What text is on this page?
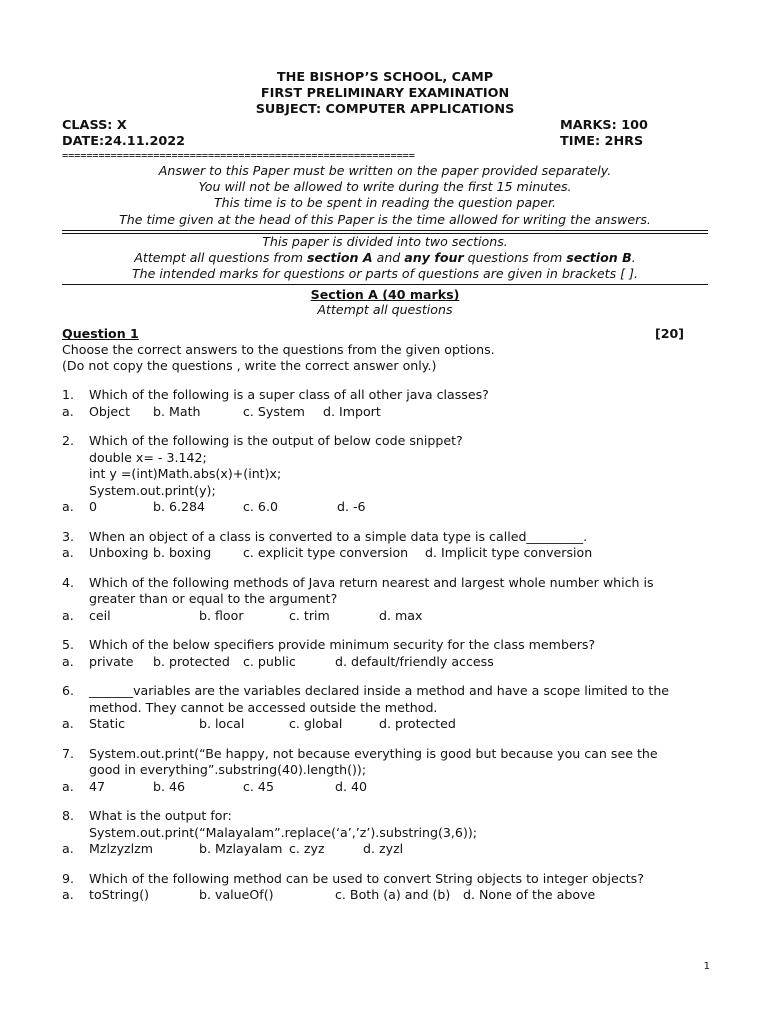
THE BISHOP’S SCHOOL, CAMP
FIRST PRELIMINARY EXAMINATION
SUBJECT: COMPUTER APPLICATIONS
CLASS: X	MARKS: 100
DATE:24.11.2022	TIME: 2HRS
==========================================================
Answer to this Paper must be written on the paper provided separately.
You will not be allowed to write during the first 15 minutes.
This time is to be spent in reading the question paper.
The time given at the head of this Paper is the time allowed for writing the answers.
This paper is divided into two sections.
Attempt all questions from section A and any four questions from section B.
The intended marks for questions or parts of questions are given in brackets [ ].
Section A (40 marks)
Attempt all questions
Question 1	[20]
Choose the correct answers to the questions from the given options.
(Do not copy the questions , write the correct answer only.)
1.	Which of the following is a super class of all other java classes?
a.	Object	b. Math	c. System	d. Import
2.	Which of the following is the output of below code snippet?
double x= - 3.142;
int y =(int)Math.abs(x)+(int)x;
System.out.print(y);
a.	0	b. 6.284	c. 6.0	d. -6
3.	When an object of a class is converted to a simple data type is called_________.
a.	Unboxing b. boxing	c. explicit type conversion	d. Implicit type conversion
4.	Which of the following methods of Java return nearest and largest whole number which is
greater than or equal to the argument?
a.	ceil	b. floor	c. trim	d. max
5.	Which of the below specifiers provide minimum security for the class members?
a.	private	b. protected	c. public	d. default/friendly access
6.	_______variables are the variables declared inside a method and have a scope limited to the
method. They cannot be accessed outside the method.
a.	Static	b. local	c. global	d. protected
7.	System.out.print(“Be happy, not because everything is good but because you can see the
good in everything”.substring(40).length());
a.	47	b. 46	c. 45	d. 40
8.	What is the output for:
System.out.print(“Malayalam”.replace(‘a’,’z’).substring(3,6));
a.	Mzlzyzlzm	b. Mzlayalam c. zyz	d. zyzl
9.	Which of the following method can be used to convert String objects to integer objects?
a.	toString()	b. valueOf()	c. Both (a) and (b)	d. None of the above
1
